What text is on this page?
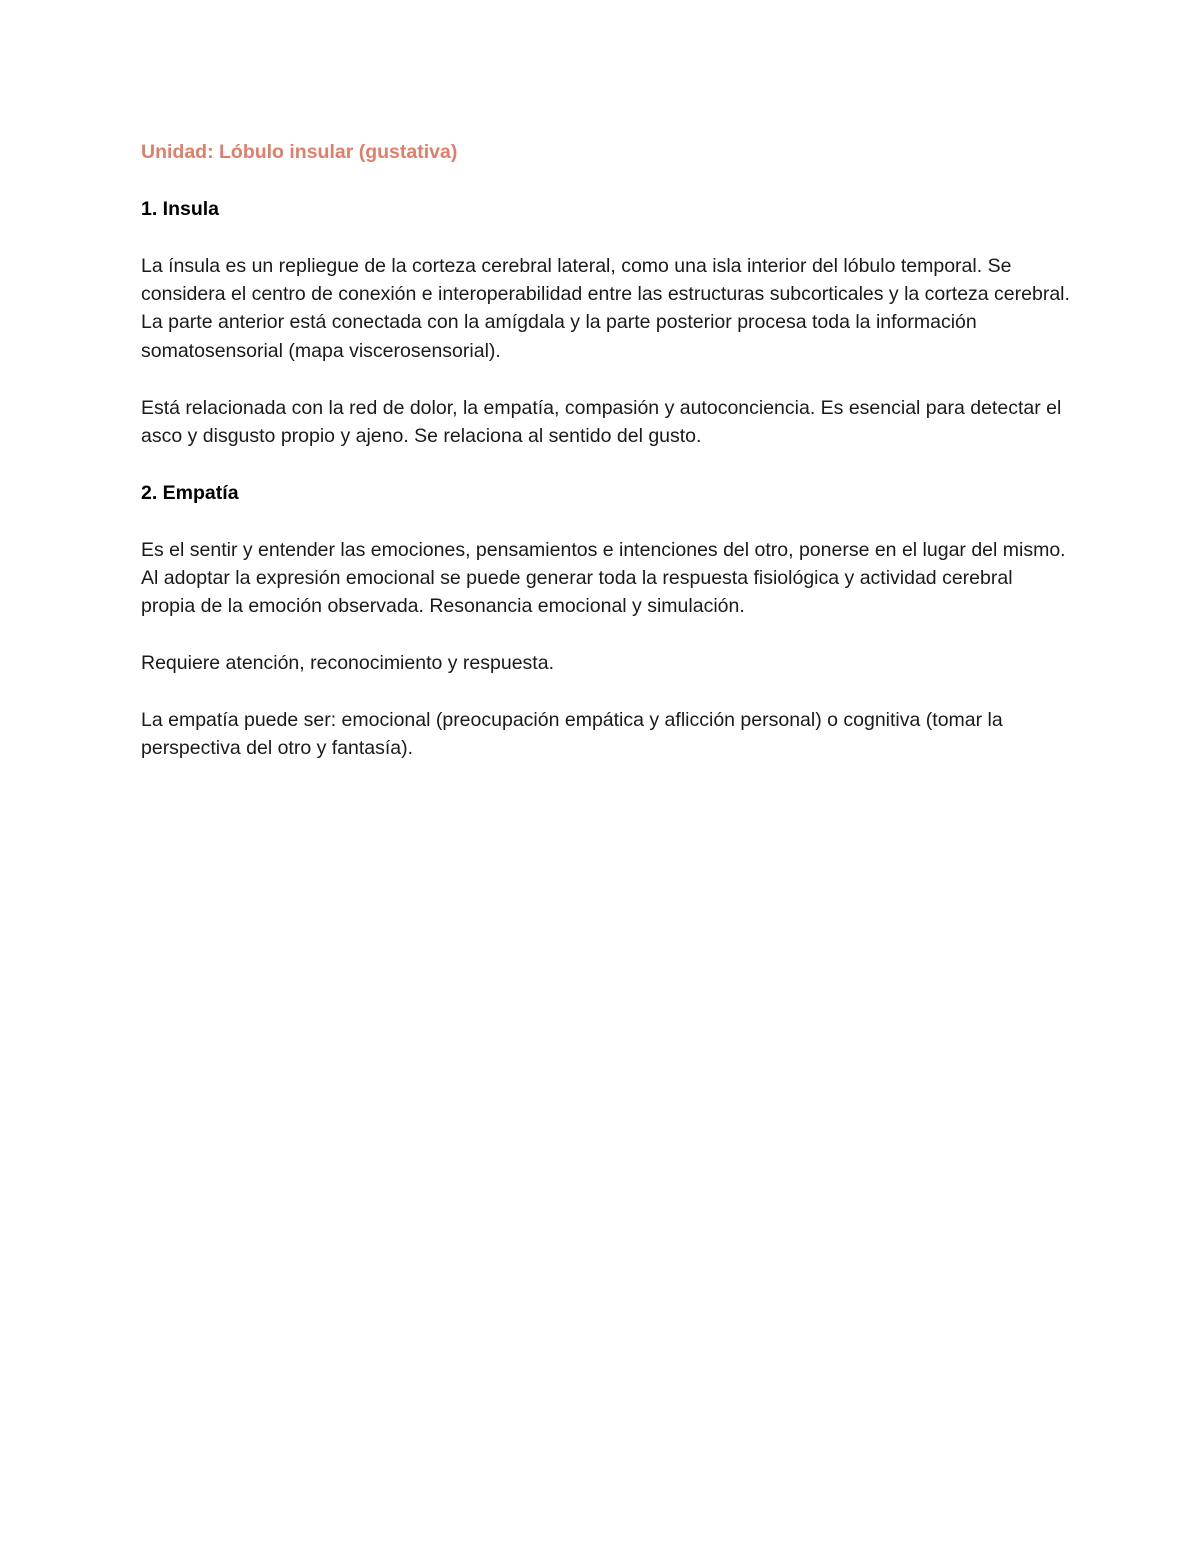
Unidad: Lóbulo insular (gustativa)
1. Insula

La ínsula es un repliegue de la corteza cerebral lateral, como una isla interior del lóbulo temporal. Se considera el centro de conexión e interoperabilidad entre las estructuras subcorticales y la corteza cerebral. La parte anterior está conectada con la amígdala y la parte posterior procesa toda la información somatosensorial (mapa viscerosensorial).

Está relacionada con la red de dolor, la empatía, compasión y autoconciencia. Es esencial para detectar el asco y disgusto propio y ajeno. Se relaciona al sentido del gusto.

2. Empatía

Es el sentir y entender las emociones, pensamientos e intenciones del otro, ponerse en el lugar del mismo. Al adoptar la expresión emocional se puede generar toda la respuesta fisiológica y actividad cerebral propia de la emoción observada. Resonancia emocional y simulación.

Requiere atención, reconocimiento y respuesta.

La empatía puede ser: emocional (preocupación empática y aflicción personal) o cognitiva (tomar la perspectiva del otro y fantasía).
